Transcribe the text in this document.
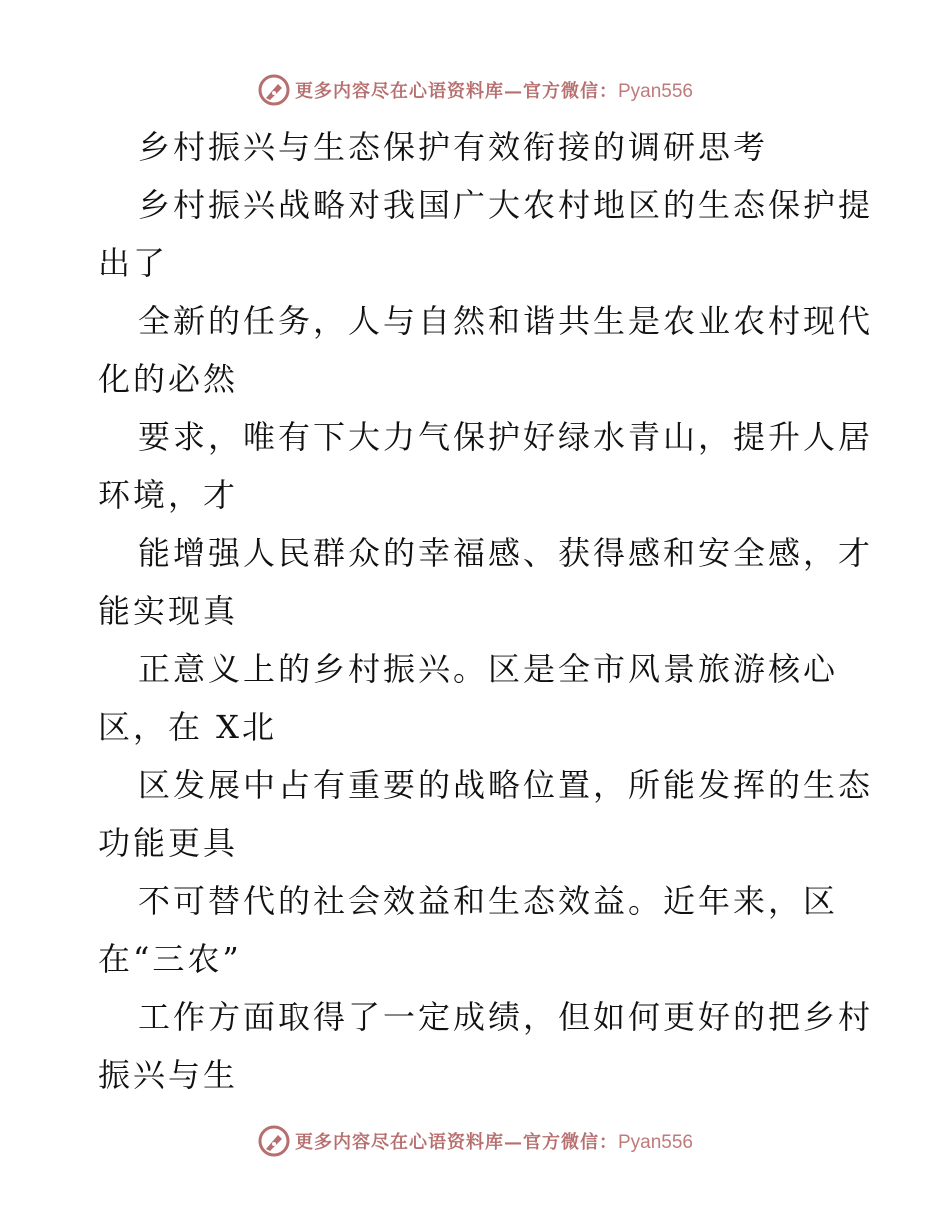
更多内容尽在心语资料库—官方微信：Pyan556
乡村振兴与生态保护有效衔接的调研思考
乡村振兴战略对我国广大农村地区的生态保护提
出了
全新的任务，人与自然和谐共生是农业农村现代
化的必然
要求，唯有下大力气保护好绿水青山，提升人居
环境，才
能增强人民群众的幸福感、获得感和安全感，才
能实现真
正意义上的乡村振兴。区是全市风景旅游核心
区，在 X北
区发展中占有重要的战略位置，所能发挥的生态
功能更具
不可替代的社会效益和生态效益。近年来，区
在“三农”
工作方面取得了一定成绩，但如何更好的把乡村
振兴与生
更多内容尽在心语资料库—官方微信：Pyan556
